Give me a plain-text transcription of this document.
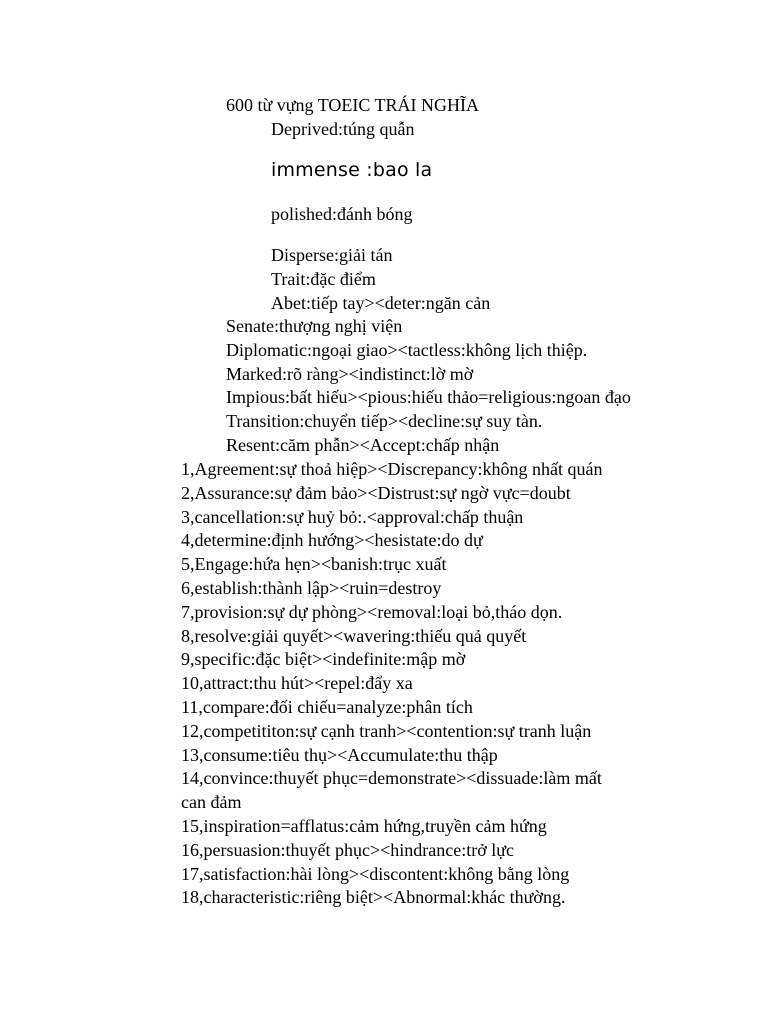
600 từ vựng TOEIC TRÁI NGHĨA
Deprived:túng quẫn
immense :bao la
polished:đánh bóng
Disperse:giải tán
Trait:đặc điểm
Abet:tiếp tay><deter:ngăn cản
Senate:thượng nghị viện
Diplomatic:ngoại giao><tactless:không lịch thiệp.
Marked:rõ ràng><indistinct:lờ mờ
Impious:bất hiếu><pious:hiếu thảo=religious:ngoan đạo
Transition:chuyển tiếp><decline:sự suy tàn.
Resent:căm phẫn><Accept:chấp nhận
1,Agreement:sự thoả hiệp><Discrepancy:không nhất quán
2,Assurance:sự đảm bảo><Distrust:sự ngờ vực=doubt
3,cancellation:sự huỷ bỏ:.<approval:chấp thuận
4,determine:định hướng><hesistate:do dự
5,Engage:hứa hẹn><banish:trục xuất
6,establish:thành lập><ruin=destroy
7,provision:sự dự phòng><removal:loại bỏ,tháo dọn.
8,resolve:giải quyết><wavering:thiếu quả quyết
9,specific:đặc biệt><indefinite:mập mờ
10,attract:thu hút><repel:đẩy xa
11,compare:đối chiếu=analyze:phân tích
12,competititon:sự cạnh tranh><contention:sự tranh luận
13,consume:tiêu thụ><Accumulate:thu thập
14,convince:thuyết phục=demonstrate><dissuade:làm mất
can đảm
15,inspiration=afflatus:cảm hứng,truyền cảm hứng
16,persuasion:thuyết phục><hindrance:trở lực
17,satisfaction:hài lòng><discontent:không bằng lòng
18,characteristic:riêng biệt><Abnormal:khác thường.
